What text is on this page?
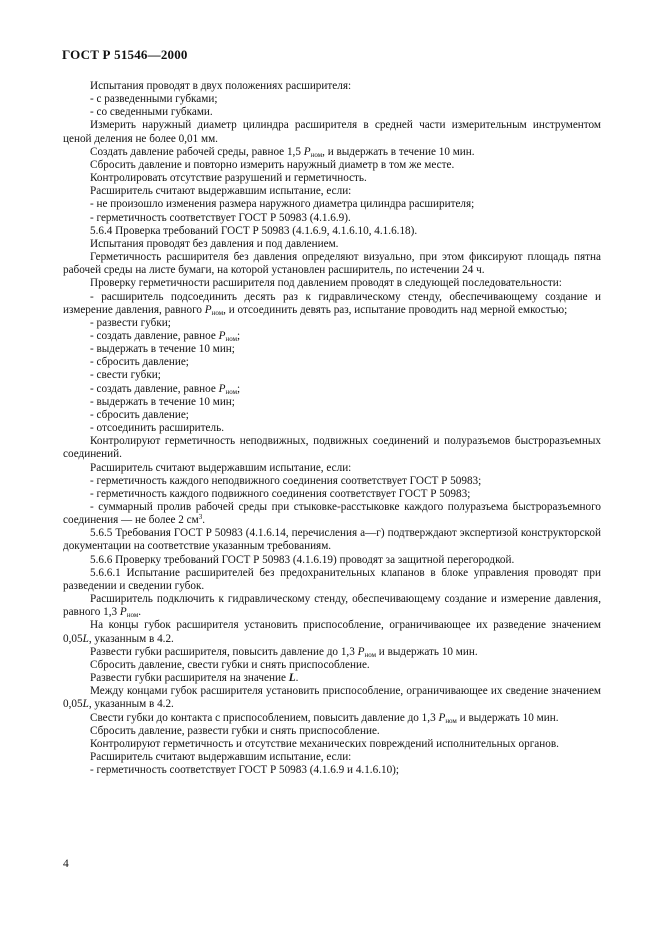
ГОСТ Р 51546—2000

Испытания проводят в двух положениях расширителя:

- с разведенными губками;

- со сведенными губками.

Измерить наружный диаметр цилиндра расширителя в средней части измерительным инструментом ценой деления не более 0,01 мм.

Создать давление рабочей среды, равное 1,5 $P_{ном}$, и выдержать в течение 10 мин.

Сбросить давление и повторно измерить наружный диаметр в том же месте.

Контролировать отсутствие разрушений и герметичность.

Расширитель считают выдержавшим испытание, если:

- не произошло изменения размера наружного диаметра цилиндра расширителя;

- герметичность соответствует ГОСТ Р 50983 (4.1.6.9).

5.6.4 Проверка требований ГОСТ Р 50983 (4.1.6.9, 4.1.6.10, 4.1.6.18).

Испытания проводят без давления и под давлением.

Герметичность расширителя без давления определяют визуально, при этом фиксируют площадь пятна рабочей среды на листе бумаги, на которой установлен расширитель, по истечении 24 ч.

Проверку герметичности расширителя под давлением проводят в следующей последовательности:

- расширитель подсоединить десять раз к гидравлическому стенду, обеспечивающему создание и измерение давления, равного $P_{ном}$, и отсоединить девять раз, испытание проводить над мерной емкостью;

- развести губки;

- создать давление, равное $P_{ном}$;

- выдержать в течение 10 мин;

- сбросить давление;

- свести губки;

- создать давление, равное $P_{ном}$;

- выдержать в течение 10 мин;

- сбросить давление;

- отсоединить расширитель.

Контролируют герметичность неподвижных, подвижных соединений и полуразъемов быстроразъемных соединений.

Расширитель считают выдержавшим испытание, если:

- герметичность каждого неподвижного соединения соответствует ГОСТ Р 50983;

- герметичность каждого подвижного соединения соответствует ГОСТ Р 50983;

- суммарный пролив рабочей среды при стыковке-расстыковке каждого полуразъема быстроразъемного соединения — не более 2 $см^3$.

5.6.5 Требования ГОСТ Р 50983 (4.1.6.14, перечисления а—г) подтверждают экспертизой конструкторской документации на соответствие указанным требованиям.

5.6.6 Проверку требований ГОСТ Р 50983 (4.1.6.19) проводят за защитной перегородкой.

5.6.6.1 Испытание расширителей без предохранительных клапанов в блоке управления проводят при разведении и сведении губок.

Расширитель подключить к гидравлическому стенду, обеспечивающему создание и измерение давления, равного 1,3 $P_{ном}$.

На концы губок расширителя установить приспособление, ограничивающее их разведение значением 0,05L, указанным в 4.2.

Развести губки расширителя, повысить давление до 1,3 $P_{ном}$ и выдержать 10 мин.

Сбросить давление, свести губки и снять приспособление.

Развести губки расширителя на значение L.

Между концами губок расширителя установить приспособление, ограничивающее их сведение значением 0,05L, указанным в 4.2.

Свести губки до контакта с приспособлением, повысить давление до 1,3 $P_{ном}$ и выдержать 10 мин.

Сбросить давление, развести губки и снять приспособление.

Контролируют герметичность и отсутствие механических повреждений исполнительных органов.

Расширитель считают выдержавшим испытание, если:

- герметичность соответствует ГОСТ Р 50983 (4.1.6.9 и 4.1.6.10);

4
